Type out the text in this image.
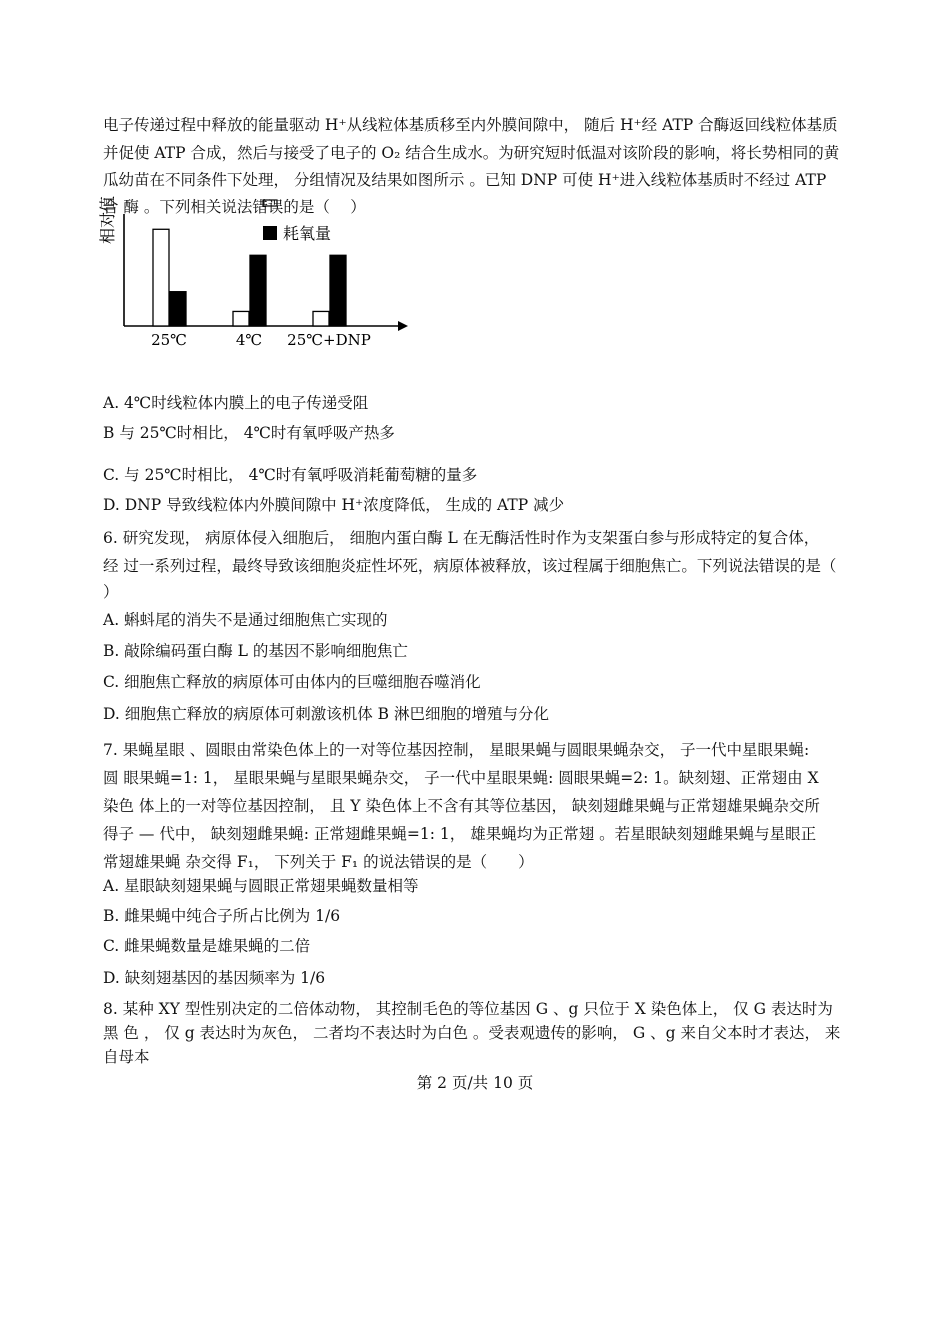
电子传递过程中释放的能量驱动 H⁺从线粒体基质移至内外膜间隙中， 随后 H⁺经 ATP 合酶返回线粒体基质
并促使 ATP 合成，然后与接受了电子的 O₂ 结合生成水。为研究短时低温对该阶段的影响，将长势相同的黄
瓜幼苗在不同条件下处理， 分组情况及结果如图所示 。已知 DNP 可使 H⁺进入线粒体基质时不经过 ATP
合 酶 。下列相关说法错误的是（　 ）
相对值
25℃	4℃ 25℃+DNP
耗氧量
A. 4℃时线粒体内膜上的电子传递受阻
B 与 25℃时相比， 4℃时有氧呼吸产热多
C. 与 25℃时相比， 4℃时有氧呼吸消耗葡萄糖的量多
D. DNP 导致线粒体内外膜间隙中 H⁺浓度降低， 生成的 ATP 减少
6. 研究发现， 病原体侵入细胞后， 细胞内蛋白酶 L 在无酶活性时作为支架蛋白参与形成特定的复合体，
经 过一系列过程，最终导致该细胞炎症性坏死，病原体被释放，该过程属于细胞焦亡。下列说法错误的是（
）
A. 蝌蚪尾的消失不是通过细胞焦亡实现的
B. 敲除编码蛋白酶 L 的基因不影响细胞焦亡
C. 细胞焦亡释放的病原体可由体内的巨噬细胞吞噬消化
D. 细胞焦亡释放的病原体可刺激该机体 B 淋巴细胞的增殖与分化
7. 果蝇星眼 、圆眼由常染色体上的一对等位基因控制， 星眼果蝇与圆眼果蝇杂交， 子一代中星眼果蝇:
圆 眼果蝇=1: 1， 星眼果蝇与星眼果蝇杂交， 子一代中星眼果蝇: 圆眼果蝇=2: 1。缺刻翅、正常翅由 X
染色 体上的一对等位基因控制， 且 Y 染色体上不含有其等位基因， 缺刻翅雌果蝇与正常翅雄果蝇杂交所
得子 — 代中， 缺刻翅雌果蝇: 正常翅雌果蝇=1: 1， 雄果蝇均为正常翅 。若星眼缺刻翅雌果蝇与星眼正
常翅雄果蝇 杂交得 F₁， 下列关于 F₁ 的说法错误的是（　　）
A. 星眼缺刻翅果蝇与圆眼正常翅果蝇数量相等
B. 雌果蝇中纯合子所占比例为 1/6
C. 雌果蝇数量是雄果蝇的二倍
D. 缺刻翅基因的基因频率为 1/6
8. 某种 XY 型性别决定的二倍体动物， 其控制毛色的等位基因 G 、g 只位于 X 染色体上， 仅 G 表达时为
黑 色 ， 仅 g 表达时为灰色， 二者均不表达时为白色 。受表观遗传的影响， G 、g 来自父本时才表达， 来
自母本
第 2 页/共 10 页
